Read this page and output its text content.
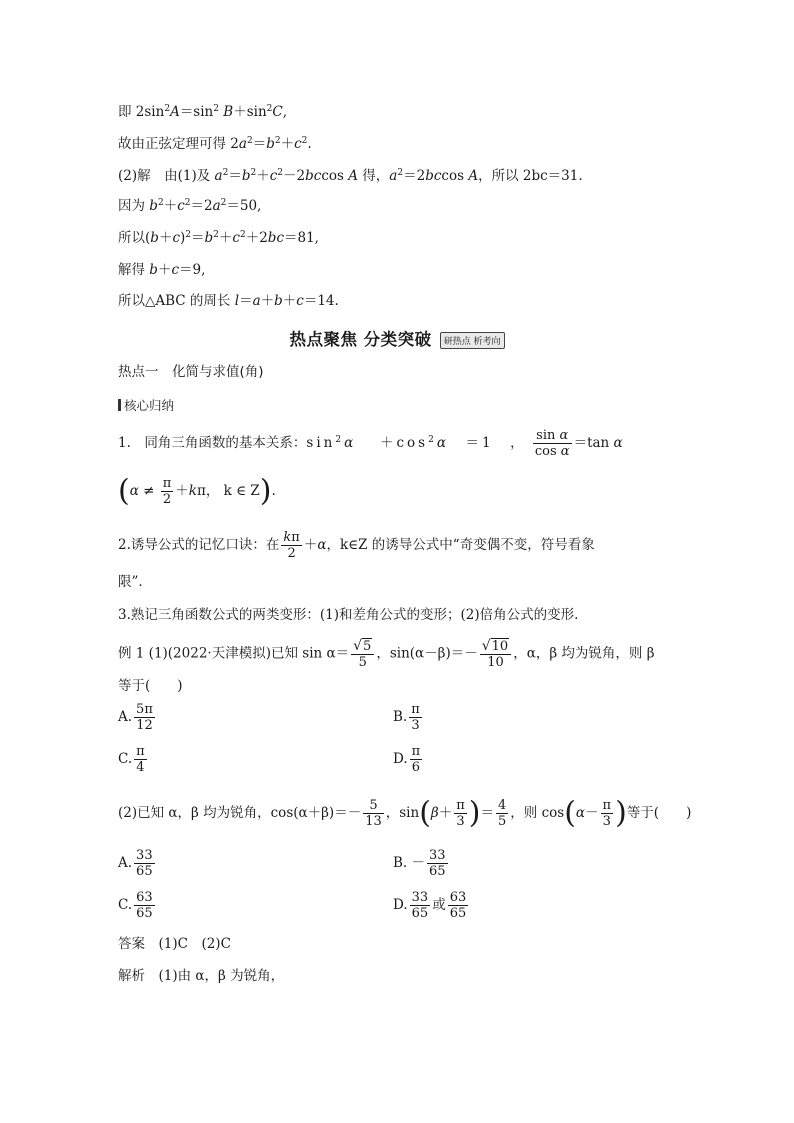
即 $2\sin^2A=\sin^2$ $B+\sin^2C$,
故由正弦定理可得 $2a^2=b^2+c^2$.
(2)解　 由(1)及 $a^2=b^2+c^2-2bccos$ A 得，$a^2=2bccos$ A，所以 2bc＝31.
因为 $b^2+c^2=2a^2=50$,
所以$(b+c)^2=b^2+c^2+2bc=81$,
解得 b＋c＝9,
所以△ABC 的周长 l＝a＋b＋c＝14.
热点聚焦 分类突破 研热点 析考向
热点一　化简与求值(角)
核心归纳
1.　同角三角函数的基本关系：$\sin^2\alpha$　 $+\cos^2\alpha$　＝1　， $\frac{\text{sin α}}{\text{cos α}} =\tan$ α
($\alpha \ne \frac{\pi}{2} +k\pi$， k ∈ Z).
2.诱导公式的记忆口诀：在 $\frac{k\pi}{2} +\alpha$，k∈Z 的诱导公式中“奇变偶不变，符号看象
限”．
3.熟记三角函数公式的两类变形：(1)和差角公式的变形；(2)倍角公式的变形.
例 1 (1)(2022·天津模拟)已知 $\sin \alpha= \frac{√5}{5}$ ，$\sin(\alpha-\beta)=- \frac{√10}{10}$ ，α，β 均为锐角，则 β
等于(　　)
A. $\frac{5\pi}{12}$	B. $\frac{\pi}{3}$
C. $\frac{\pi}{4}$	D. $\frac{\pi}{6}$
(2)已知 α，β 均为锐角，$\cos(\alpha+\beta)=- \frac{5}{13}$ ，$\sin(\beta+ \frac{\pi}{3}$ )＝ $\frac{4}{5}$ ，则 $\cos(\alpha- \frac{\pi}{3}$ )等于(　　)
A. $\frac{33}{65}$	B. － $\frac{33}{65}$
C. $\frac{63}{65}$	D. $\frac{33}{65}$ 或 $\frac{63}{65}$
答案　 (1)C　(2)C
解析　 (1)由 α，β 为锐角，
